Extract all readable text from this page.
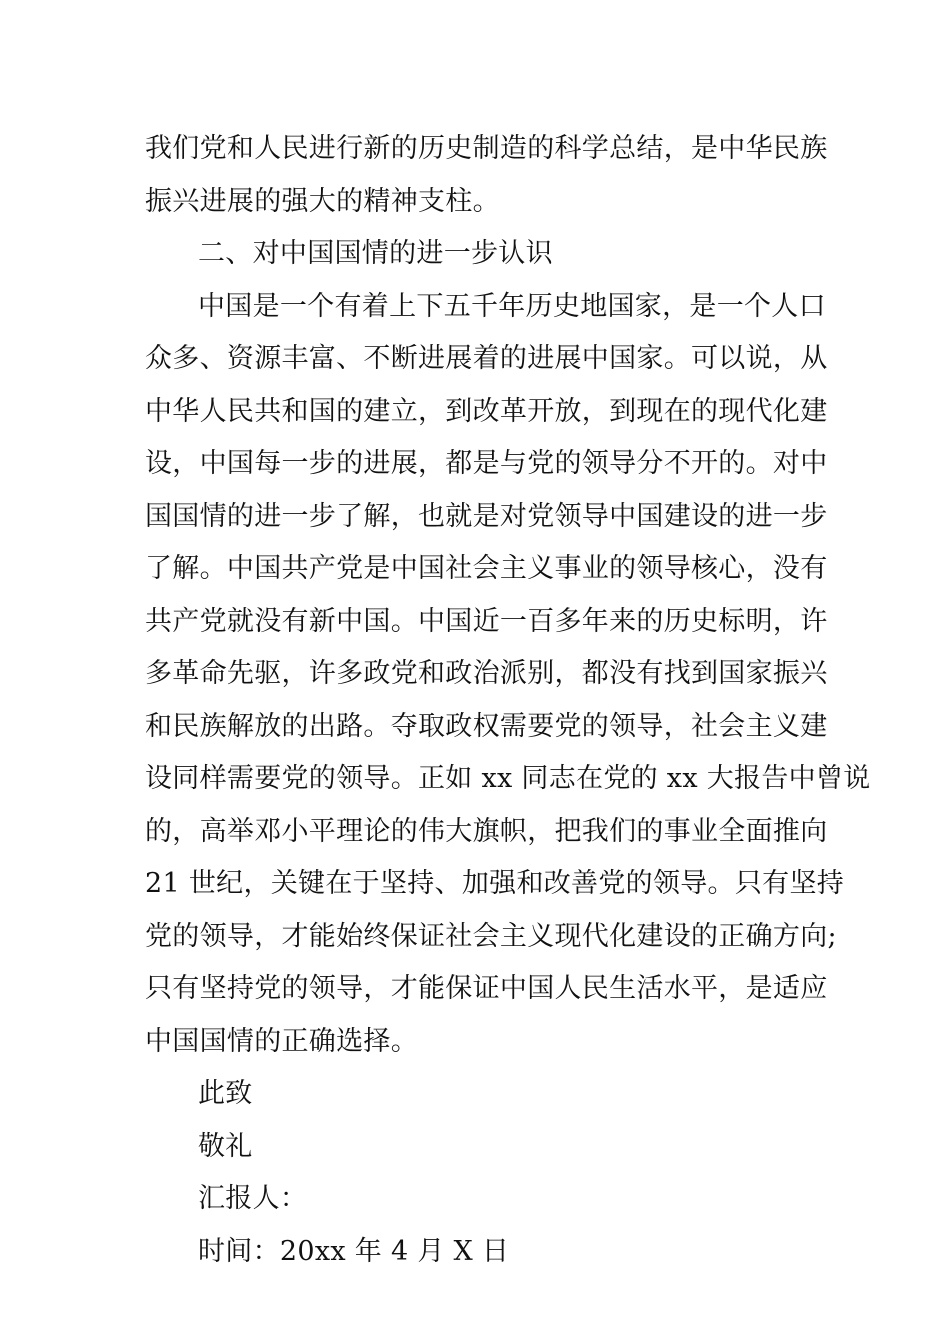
我们党和人民进行新的历史制造的科学总结，是中华民族
振兴进展的强大的精神支柱。
二、对中国国情的进一步认识
中国是一个有着上下五千年历史地国家，是一个人口
众多、资源丰富、不断进展着的进展中国家。可以说，从
中华人民共和国的建立，到改革开放，到现在的现代化建
设，中国每一步的进展，都是与党的领导分不开的。对中
国国情的进一步了解，也就是对党领导中国建设的进一步
了解。中国共产党是中国社会主义事业的领导核心，没有
共产党就没有新中国。中国近一百多年来的历史标明，许
多革命先驱，许多政党和政治派别，都没有找到国家振兴
和民族解放的出路。夺取政权需要党的领导，社会主义建
设同样需要党的领导。正如 xx 同志在党的 xx 大报告中曾说
的，高举邓小平理论的伟大旗帜，把我们的事业全面推向
21 世纪，关键在于坚持、加强和改善党的领导。只有坚持
党的领导，才能始终保证社会主义现代化建设的正确方向;
只有坚持党的领导，才能保证中国人民生活水平，是适应
中国国情的正确选择。
此致
敬礼
汇报人：
时间：20xx 年 4 月 X 日
